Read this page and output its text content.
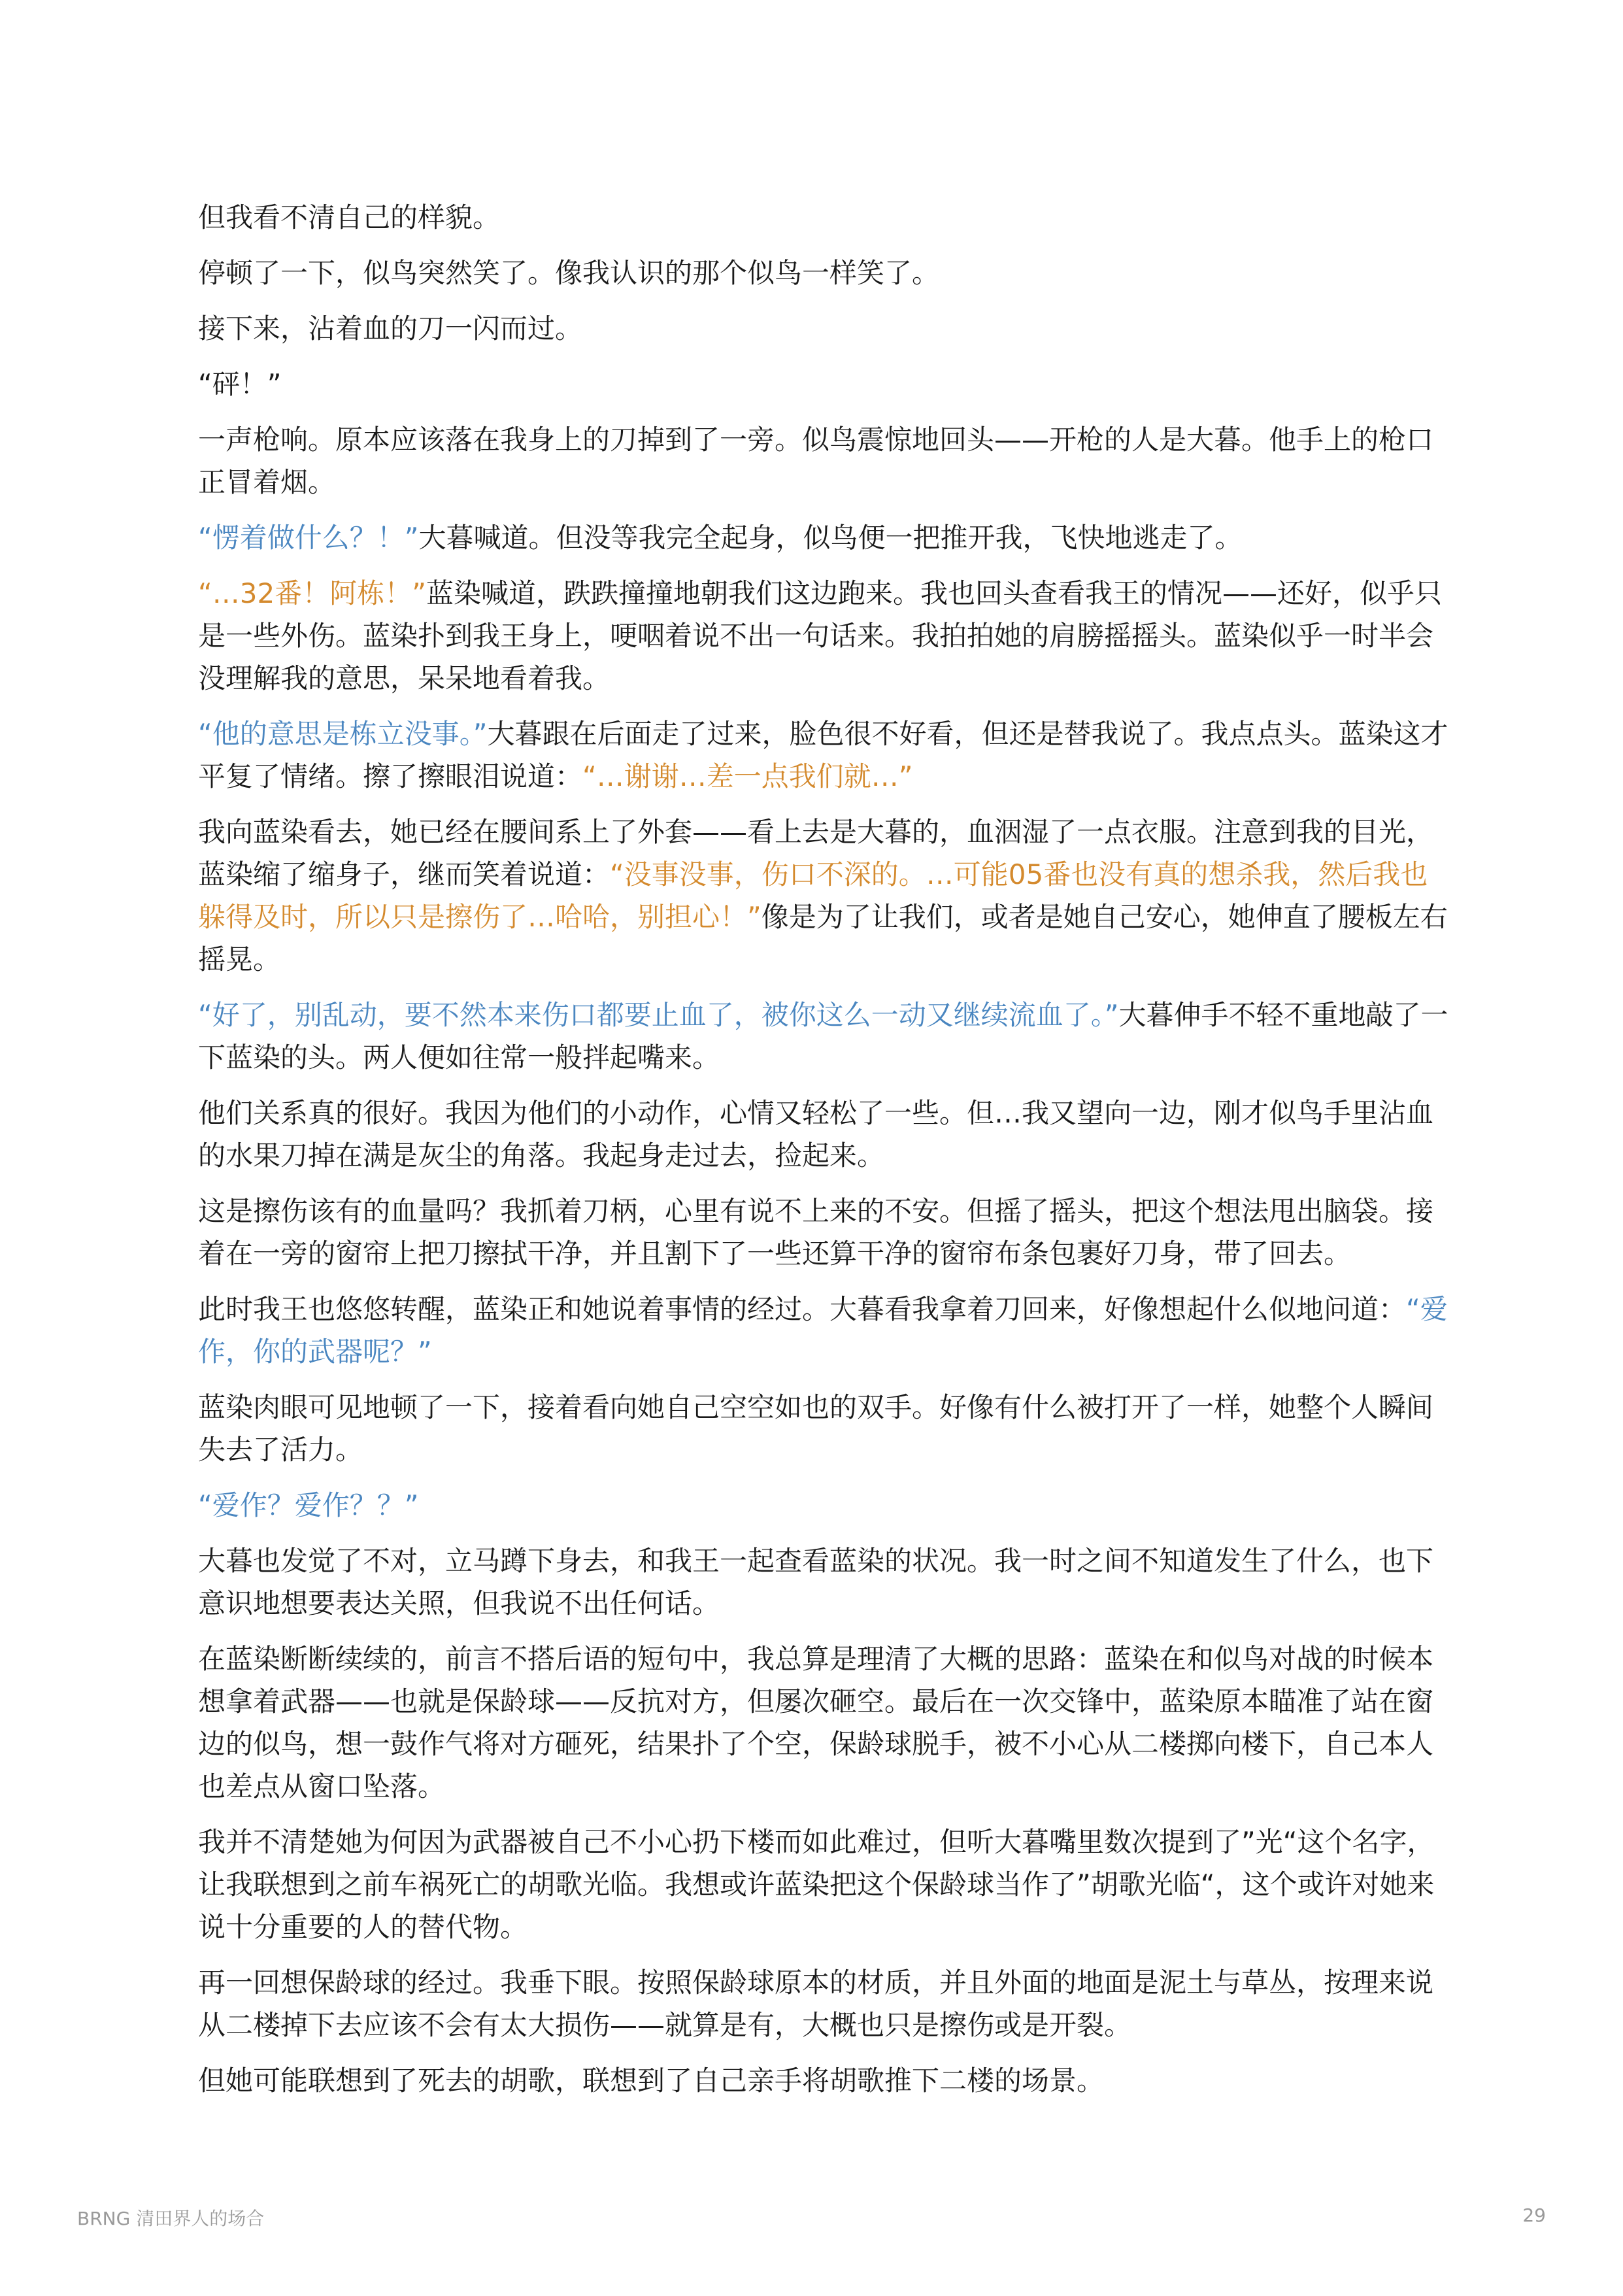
但我看不清自己的样貌。

停顿了一下，似鸟突然笑了。像我认识的那个似鸟一样笑了。

接下来，沾着血的刀一闪而过。

“砰！”

一声枪响。原本应该落在我身上的刀掉到了一旁。似鸟震惊地回头——开枪的人是大暮。他手上的枪口正冒着烟。

“愣着做什么？！”大暮喊道。但没等我完全起身，似鸟便一把推开我，飞快地逃走了。

“…32番！阿栋！”蓝染喊道，跌跌撞撞地朝我们这边跑来。我也回头查看我王的情况——还好，似乎只是一些外伤。蓝染扑到我王身上，哽咽着说不出一句话来。我拍拍她的肩膀摇摇头。蓝染似乎一时半会没理解我的意思，呆呆地看着我。

“他的意思是栋立没事。”大暮跟在后面走了过来，脸色很不好看，但还是替我说了。我点点头。蓝染这才平复了情绪。擦了擦眼泪说道：“…谢谢…差一点我们就…”

我向蓝染看去，她已经在腰间系上了外套——看上去是大暮的，血洇湿了一点衣服。注意到我的目光，蓝染缩了缩身子，继而笑着说道：“没事没事，伤口不深的。…可能05番也没有真的想杀我，然后我也躲得及时，所以只是擦伤了…哈哈，别担心！”像是为了让我们，或者是她自己安心，她伸直了腰板左右摇晃。

“好了，别乱动，要不然本来伤口都要止血了，被你这么一动又继续流血了。”大暮伸手不轻不重地敲了一下蓝染的头。两人便如往常一般拌起嘴来。

他们关系真的很好。我因为他们的小动作，心情又轻松了一些。但…我又望向一边，刚才似鸟手里沾血的水果刀掉在满是灰尘的角落。我起身走过去，捡起来。

这是擦伤该有的血量吗？我抓着刀柄，心里有说不上来的不安。但摇了摇头，把这个想法甩出脑袋。接着在一旁的窗帘上把刀擦拭干净，并且割下了一些还算干净的窗帘布条包裹好刀身，带了回去。

此时我王也悠悠转醒，蓝染正和她说着事情的经过。大暮看我拿着刀回来，好像想起什么似地问道：“爱作，你的武器呢？”

蓝染肉眼可见地顿了一下，接着看向她自己空空如也的双手。好像有什么被打开了一样，她整个人瞬间失去了活力。

“爱作？爱作？？”

大暮也发觉了不对，立马蹲下身去，和我王一起查看蓝染的状况。我一时之间不知道发生了什么，也下意识地想要表达关照，但我说不出任何话。

在蓝染断断续续的，前言不搭后语的短句中，我总算是理清了大概的思路：蓝染在和似鸟对战的时候本想拿着武器——也就是保龄球——反抗对方，但屡次砸空。最后在一次交锋中，蓝染原本瞄准了站在窗边的似鸟，想一鼓作气将对方砸死，结果扑了个空，保龄球脱手，被不小心从二楼掷向楼下，自己本人也差点从窗口坠落。

我并不清楚她为何因为武器被自己不小心扔下楼而如此难过，但听大暮嘴里数次提到了”光“这个名字，让我联想到之前车祸死亡的胡歌光临。我想或许蓝染把这个保龄球当作了”胡歌光临“，这个或许对她来说十分重要的人的替代物。

再一回想保龄球的经过。我垂下眼。按照保龄球原本的材质，并且外面的地面是泥土与草丛，按理来说从二楼掉下去应该不会有太大损伤——就算是有，大概也只是擦伤或是开裂。

但她可能联想到了死去的胡歌，联想到了自己亲手将胡歌推下二楼的场景。

BRNG 清田界人的场合	29
